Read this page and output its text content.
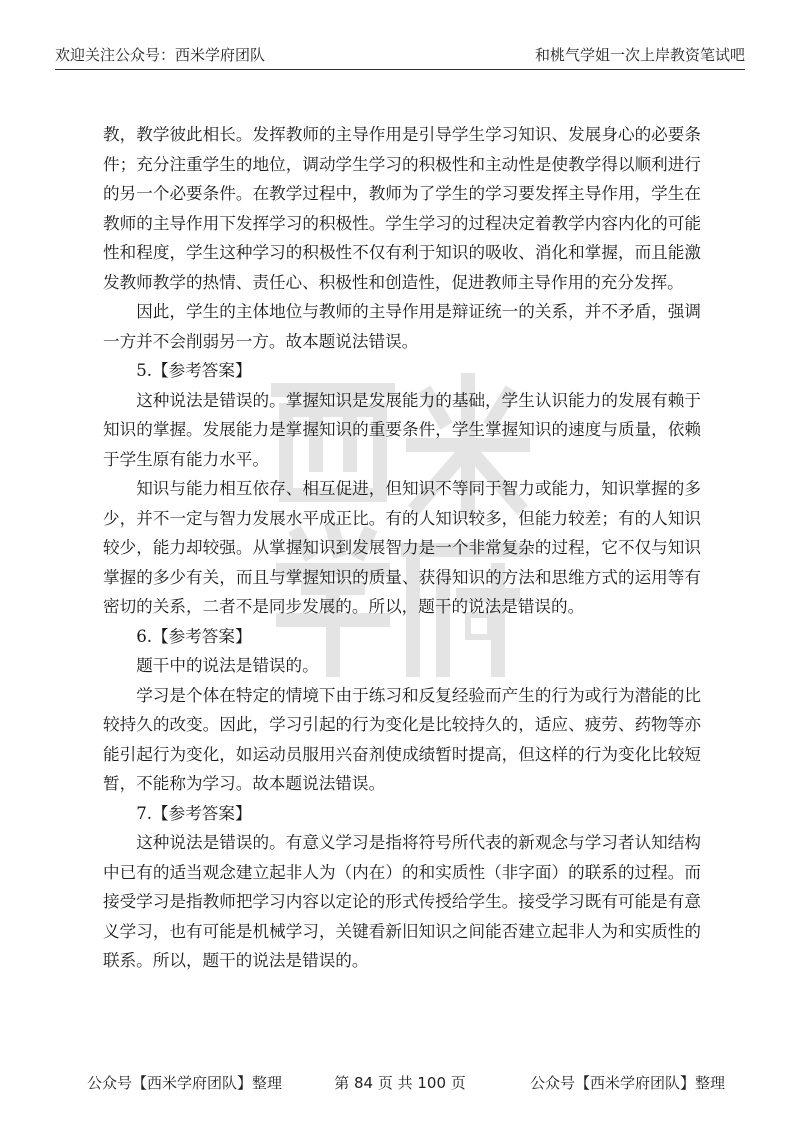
欢迎关注公众号：西米学府团队	和桃气学姐一次上岸教资笔试吧

教，教学彼此相长。发挥教师的主导作用是引导学生学习知识、发展身心的必要条件；充分注重学生的地位，调动学生学习的积极性和主动性是使教学得以顺利进行的另一个必要条件。在教学过程中，教师为了学生的学习要发挥主导作用，学生在教师的主导作用下发挥学习的积极性。学生学习的过程决定着教学内容内化的可能性和程度，学生这种学习的积极性不仅有利于知识的吸收、消化和掌握，而且能激发教师教学的热情、责任心、积极性和创造性，促进教师主导作用的充分发挥。

因此，学生的主体地位与教师的主导作用是辩证统一的关系，并不矛盾，强调一方并不会削弱另一方。故本题说法错误。

5.【参考答案】

这种说法是错误的。掌握知识是发展能力的基础，学生认识能力的发展有赖于知识的掌握。发展能力是掌握知识的重要条件，学生掌握知识的速度与质量，依赖于学生原有能力水平。

知识与能力相互依存、相互促进，但知识不等同于智力或能力，知识掌握的多少，并不一定与智力发展水平成正比。有的人知识较多，但能力较差；有的人知识较少，能力却较强。从掌握知识到发展智力是一个非常复杂的过程，它不仅与知识掌握的多少有关，而且与掌握知识的质量、获得知识的方法和思维方式的运用等有密切的关系，二者不是同步发展的。所以，题干的说法是错误的。

6.【参考答案】

题干中的说法是错误的。

学习是个体在特定的情境下由于练习和反复经验而产生的行为或行为潜能的比较持久的改变。因此，学习引起的行为变化是比较持久的，适应、疲劳、药物等亦能引起行为变化，如运动员服用兴奋剂使成绩暂时提高，但这样的行为变化比较短暂，不能称为学习。故本题说法错误。

7.【参考答案】

这种说法是错误的。有意义学习是指将符号所代表的新观念与学习者认知结构中已有的适当观念建立起非人为（内在）的和实质性（非字面）的联系的过程。而接受学习是指教师把学习内容以定论的形式传授给学生。接受学习既有可能是有意义学习，也有可能是机械学习，关键看新旧知识之间能否建立起非人为和实质性的联系。所以，题干的说法是错误的。

公众号【西米学府团队】整理	第 84 页 共 100 页	公众号【西米学府团队】整理
